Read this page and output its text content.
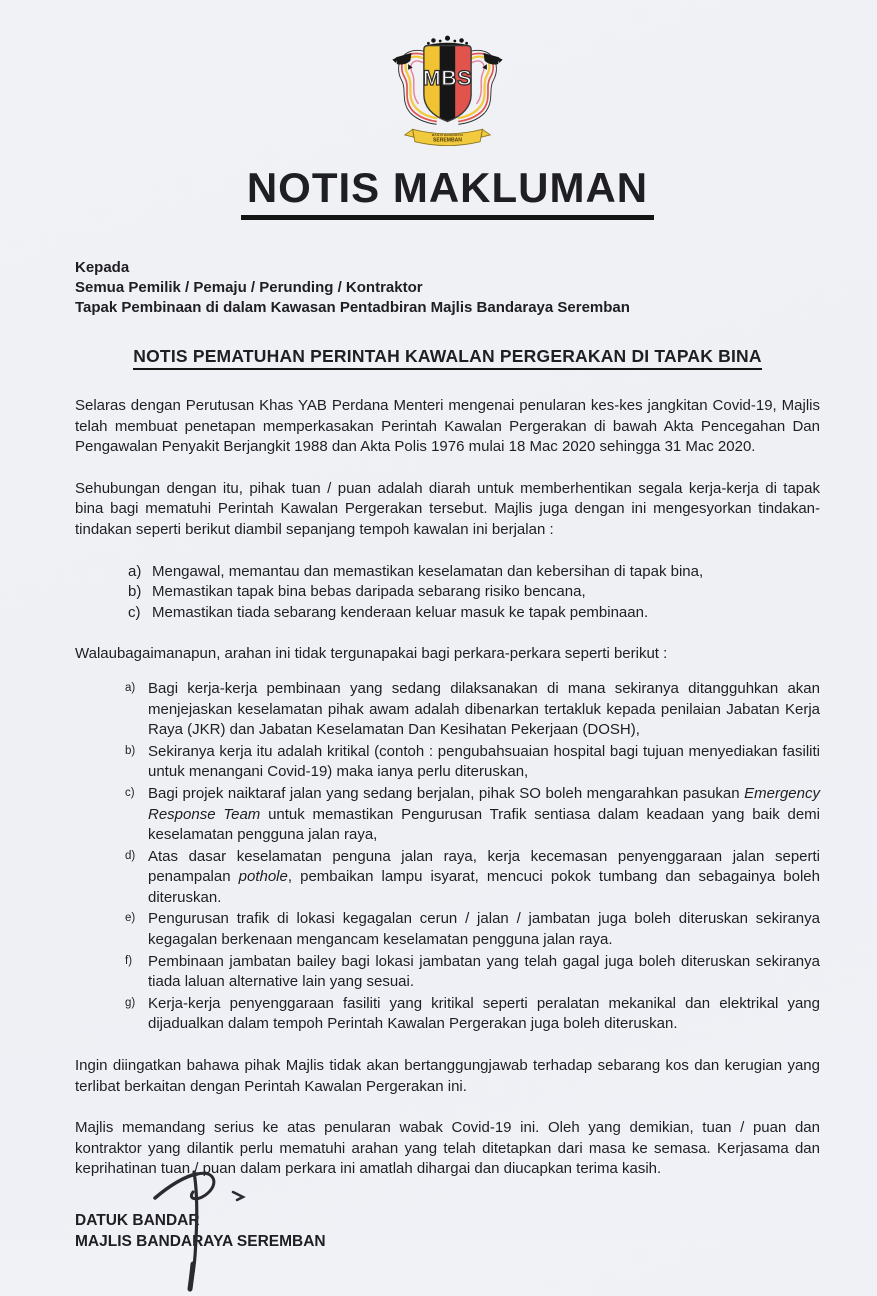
MBS
MAJLIS BANDARAYA
SEREMBAN
NOTIS MAKLUMAN
Kepada
Semua Pemilik / Pemaju / Perunding / Kontraktor
Tapak Pembinaan di dalam Kawasan Pentadbiran Majlis Bandaraya Seremban
NOTIS PEMATUHAN PERINTAH KAWALAN PERGERAKAN DI TAPAK BINA

Selaras dengan Perutusan Khas YAB Perdana Menteri mengenai penularan kes-kes jangkitan Covid-19, Majlis telah membuat penetapan memperkasakan Perintah Kawalan Pergerakan di bawah Akta Pencegahan Dan Pengawalan Penyakit Berjangkit 1988 dan Akta Polis 1976 mulai 18 Mac 2020 sehingga 31 Mac 2020.

Sehubungan dengan itu, pihak tuan / puan adalah diarah untuk memberhentikan segala kerja-kerja di tapak bina bagi mematuhi Perintah Kawalan Pergerakan tersebut. Majlis juga dengan ini mengesyorkan tindakan-tindakan seperti berikut diambil sepanjang tempoh kawalan ini berjalan :

a) Mengawal, memantau dan memastikan keselamatan dan kebersihan di tapak bina,
b) Memastikan tapak bina bebas daripada sebarang risiko bencana,
c) Memastikan tiada sebarang kenderaan keluar masuk ke tapak pembinaan.

Walaubagaimanapun, arahan ini tidak tergunapakai bagi perkara-perkara seperti berikut :

a) Bagi kerja-kerja pembinaan yang sedang dilaksanakan di mana sekiranya ditangguhkan akan menjejaskan keselamatan pihak awam adalah dibenarkan tertakluk kepada penilaian Jabatan Kerja Raya (JKR) dan Jabatan Keselamatan Dan Kesihatan Pekerjaan (DOSH),
b) Sekiranya kerja itu adalah kritikal (contoh : pengubahsuaian hospital bagi tujuan menyediakan fasiliti untuk menangani Covid-19) maka ianya perlu diteruskan,
c) Bagi projek naiktaraf jalan yang sedang berjalan, pihak SO boleh mengarahkan pasukan Emergency Response Team untuk memastikan Pengurusan Trafik sentiasa dalam keadaan yang baik demi keselamatan pengguna jalan raya,
d) Atas dasar keselamatan penguna jalan raya, kerja kecemasan penyenggaraan jalan seperti penampalan pothole, pembaikan lampu isyarat, mencuci pokok tumbang dan sebagainya boleh diteruskan.
e) Pengurusan trafik di lokasi kegagalan cerun / jalan / jambatan juga boleh diteruskan sekiranya kegagalan berkenaan mengancam keselamatan pengguna jalan raya.
f)	Pembinaan jambatan bailey bagi lokasi jambatan yang telah gagal juga boleh diteruskan sekiranya tiada laluan alternative lain yang sesuai.
g) Kerja-kerja penyenggaraan fasiliti yang kritikal seperti peralatan mekanikal dan elektrikal yang dijadualkan dalam tempoh Perintah Kawalan Pergerakan juga boleh diteruskan.

Ingin diingatkan bahawa pihak Majlis tidak akan bertanggungjawab terhadap sebarang kos dan kerugian yang terlibat berkaitan dengan Perintah Kawalan Pergerakan ini.

Majlis memandang serius ke atas penularan wabak Covid-19 ini. Oleh yang demikian, tuan / puan dan kontraktor yang dilantik perlu mematuhi arahan yang telah ditetapkan dari masa ke semasa. Kerjasama dan keprihatinan tuan / puan dalam perkara ini amatlah dihargai dan diucapkan terima kasih.

DATUK BANDAR
MAJLIS BANDARAYA SEREMBAN
